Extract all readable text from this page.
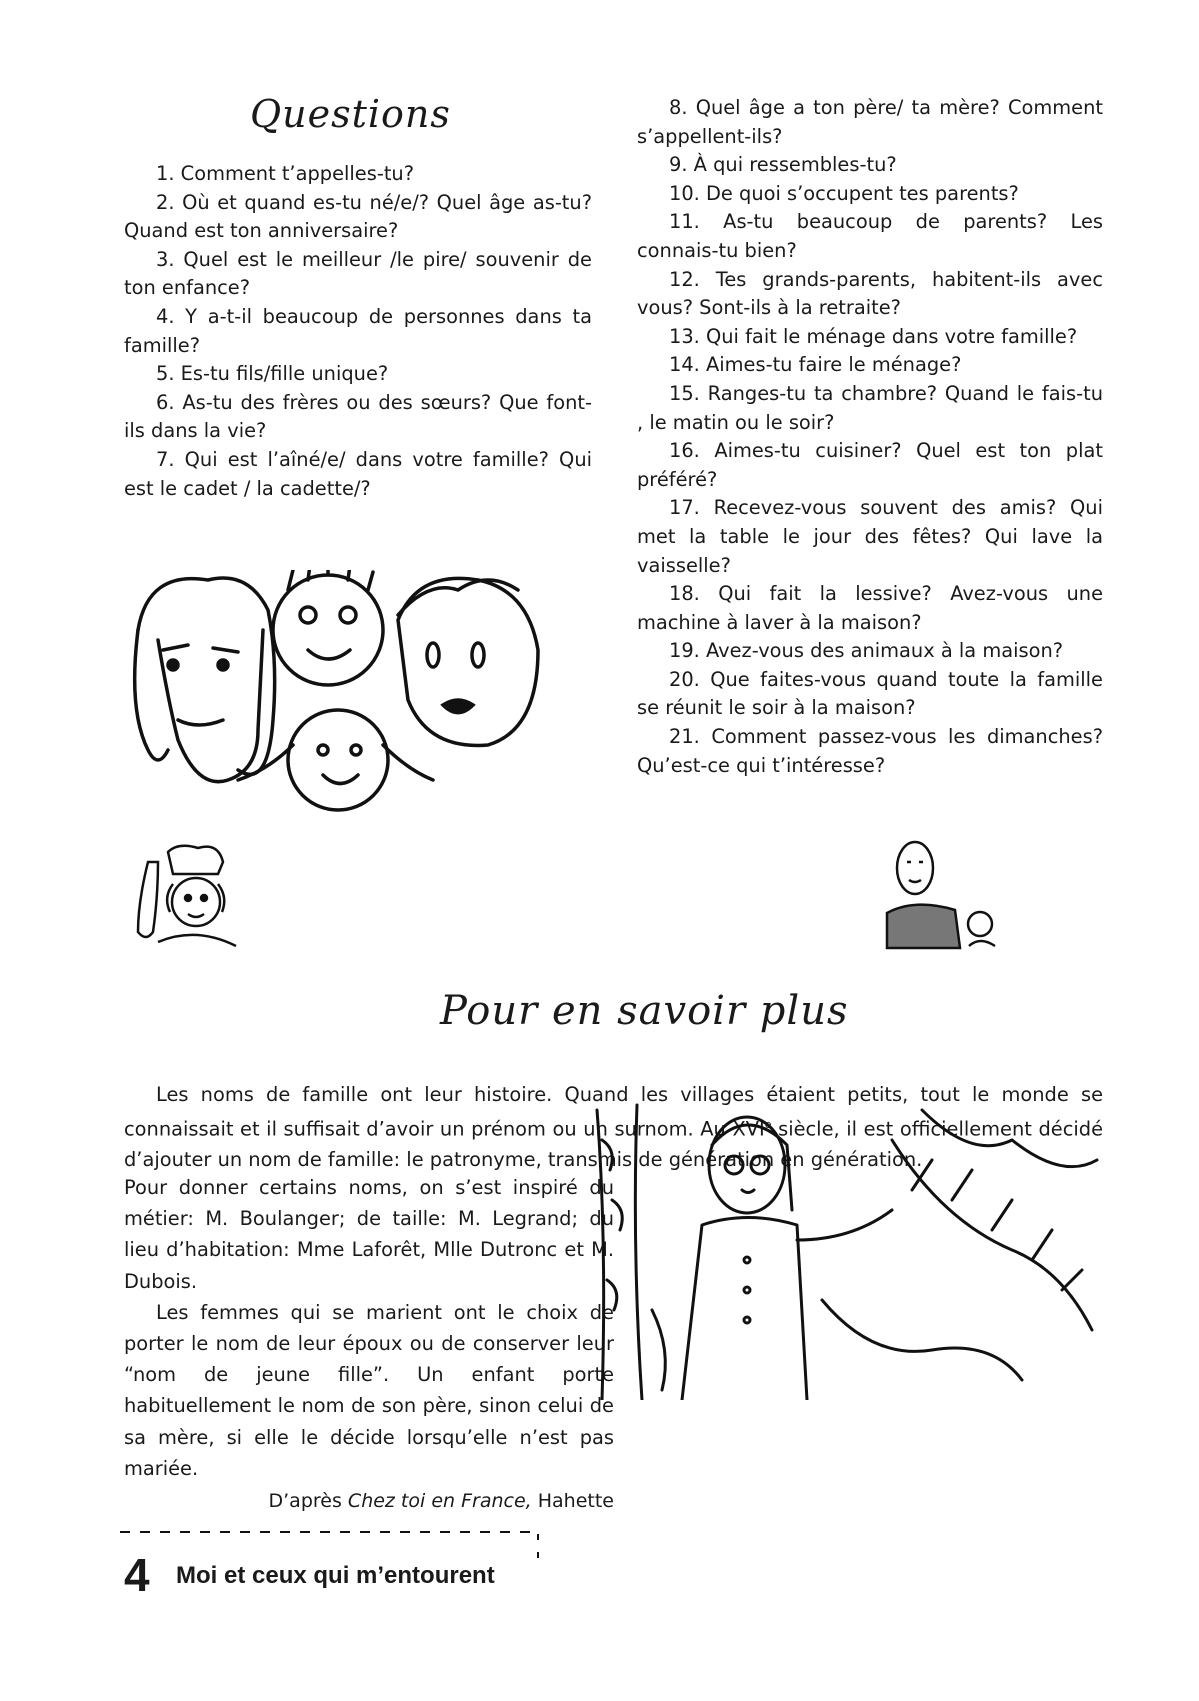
Questions

1. Comment t’appelles-tu?

2. Où et quand es-tu né/e/? Quel âge as-tu? Quand est ton anniversaire?

3. Quel est le meilleur /le pire/ souvenir de ton enfance?

4. Y a-t-il beaucoup de personnes dans ta famille?

5. Es-tu fils/fille unique?

6. As-tu des frères ou des sœurs? Que font-ils dans la vie?

7. Qui est l’aîné/e/ dans votre famille? Qui est le cadet / la cadette/?

8. Quel âge a ton père/ ta mère? Comment s’appellent-ils?

9. À qui ressembles-tu?

10. De quoi s’occupent tes parents?

11. As-tu beaucoup de parents? Les connais-tu bien?

12. Tes grands-parents, habitent-ils avec vous? Sont-ils à la retraite?

13. Qui fait le ménage dans votre famille?

14. Aimes-tu faire le ménage?

15. Ranges-tu ta chambre? Quand le fais-tu , le matin ou le soir?

16. Aimes-tu cuisiner? Quel est ton plat préféré?

17. Recevez-vous souvent des amis? Qui met la table le jour des fêtes? Qui lave la vaisselle?

18. Qui fait la lessive? Avez-vous une machine à laver à la maison?

19. Avez-vous des animaux à la maison?

20. Que faites-vous quand toute la famille se réunit le soir à la maison?

21. Comment passez-vous les dimanches? Qu’est-ce qui t’intéresse?

Pour en savoir plus

Les noms de famille ont leur histoire. Quand les villages étaient petits, tout le monde se connaissait et il suffisait d’avoir un prénom ou un surnom. Au XVIe siècle, il est officiellement décidé d’ajouter un nom de famille: le patronyme, transmis de génération en génération.

Pour donner certains noms, on s’est inspiré du métier: M. Boulanger; de taille: M. Legrand; du lieu d’habitation: Mme Laforêt, Mlle Dutronc et M. Dubois.

Les femmes qui se marient ont le choix de porter le nom de leur époux ou de conserver leur “nom de jeune fille”. Un enfant porte habituellement le nom de son père, sinon celui de sa mère, si elle le décide lorsqu’elle n’est pas mariée.

D’après Chez toi en France, Hahette
4 Moi et ceux qui m’entourent
